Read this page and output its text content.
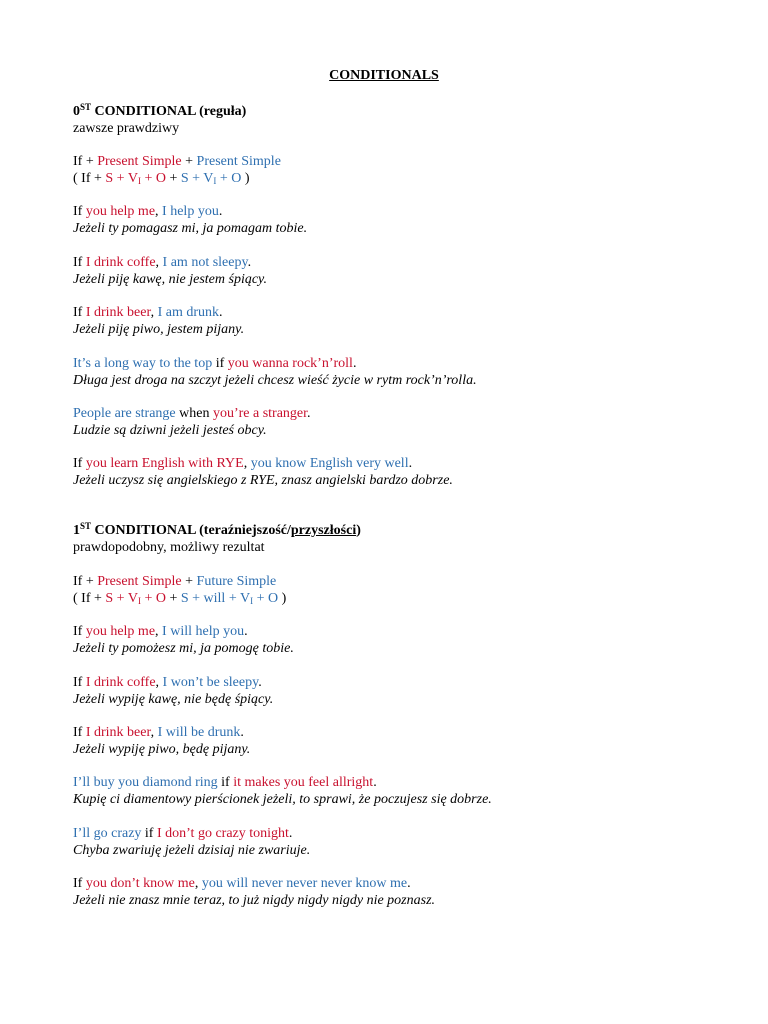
CONDITIONALS
0ST CONDITIONAL (reguła)
zawsze prawdziwy
If + Present Simple + Present Simple
( $If + S + V_I + O + S + V_I + O$ )
If you help me, I help you.
Jeżeli ty pomagasz mi, ja pomagam tobie.
If I drink coffe, I am not sleepy.
Jeżeli piję kawę, nie jestem śpiący.
If I drink beer, I am drunk.
Jeżeli piję piwo, jestem pijany.
It’s a long way to the top if you wanna rock’n’roll.
Długa jest droga na szczyt jeżeli chcesz wieść życie w rytm rock’n’rolla.
People are strange when you’re a stranger.
Ludzie są dziwni jeżeli jesteś obcy.
If you learn English with RYE, you know English very well.
Jeżeli uczysz się angielskiego z RYE, znasz angielski bardzo dobrze.
1ST CONDITIONAL (teraźniejszość/przyszłości)
prawdopodobny, możliwy rezultat
If + Present Simple + Future Simple
( $If + S + V_I + O + S$ + will + $V_I + O$ )
If you help me, I will help you.
Jeżeli ty pomożesz mi, ja pomogę tobie.
If I drink coffe, I won’t be sleepy.
Jeżeli wypiję kawę, nie będę śpiący.
If I drink beer, I will be drunk.
Jeżeli wypiję piwo, będę pijany.
I’ll buy you diamond ring if it makes you feel allright.
Kupię ci diamentowy pierścionek jeżeli, to sprawi, że poczujesz się dobrze.
I’ll go crazy if I don’t go crazy tonight.
Chyba zwariuję jeżeli dzisiaj nie zwariuje.
If you don’t know me, you will never never never know me.
Jeżeli nie znasz mnie teraz, to już nigdy nigdy nigdy nie poznasz.
